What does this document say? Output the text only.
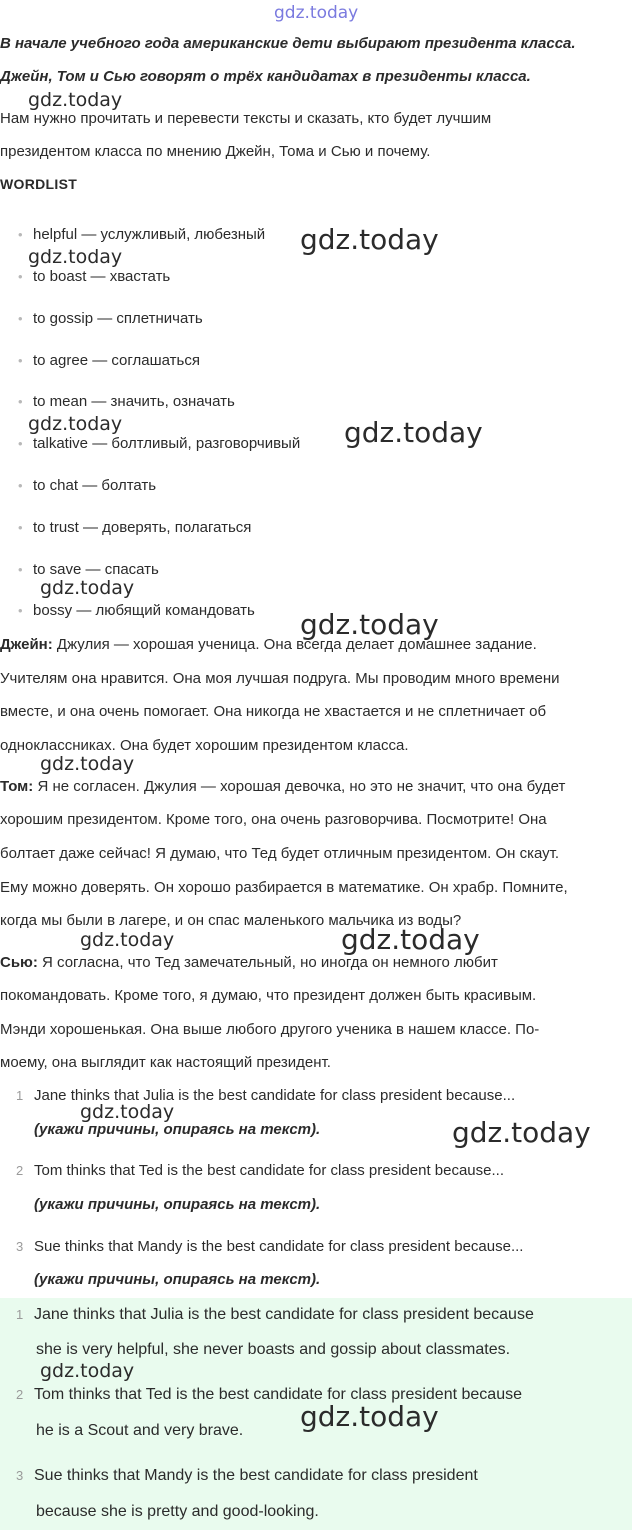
gdz.today
В начале учебного года американские дети выбирают президента класса.
Джейн, Том и Сью говорят о трёх кандидатах в президенты класса.
Нам нужно прочитать и перевести тексты и сказать, кто будет лучшим
президентом класса по мнению Джейн, Тома и Сью и почему.
WORDLIST
• helpful — услужливый, любезный
• to boast — хвастать
• to gossip — сплетничать
• to agree — соглашаться
• to mean — значить, означать
• talkative — болтливый, разговорчивый
• to chat — болтать
• to trust — доверять, полагаться
• to save — спасать
• bossy — любящий командовать
Джейн: Джулия — хорошая ученица. Она всегда делает домашнее задание.
Учителям она нравится. Она моя лучшая подруга. Мы проводим много времени
вместе, и она очень помогает. Она никогда не хвастается и не сплетничает об
одноклассниках. Она будет хорошим президентом класса.
Том: Я не согласен. Джулия — хорошая девочка, но это не значит, что она будет
хорошим президентом. Кроме того, она очень разговорчива. Посмотрите! Она
болтает даже сейчас! Я думаю, что Тед будет отличным президентом. Он скаут.
Ему можно доверять. Он хорошо разбирается в математике. Он храбр. Помните,
когда мы были в лагере, и он спас маленького мальчика из воды?
Сью: Я согласна, что Тед замечательный, но иногда он немного любит
покомандовать. Кроме того, я думаю, что президент должен быть красивым.
Мэнди хорошенькая. Она выше любого другого ученика в нашем классе. По-
моему, она выглядит как настоящий президент.
1 Jane thinks that Julia is the best candidate for class president because...
(укажи причины, опираясь на текст).
2 Tom thinks that Ted is the best candidate for class president because...
(укажи причины, опираясь на текст).
3 Sue thinks that Mandy is the best candidate for class president because...
(укажи причины, опираясь на текст).
1 Jane thinks that Julia is the best candidate for class president because
she is very helpful, she never boasts and gossip about classmates.
2 Tom thinks that Ted is the best candidate for class president because
he is a Scout and very brave.
3 Sue thinks that Mandy is the best candidate for class president
because she is pretty and good-looking.
gdz.today
gdz.today
gdz.today
gdz.today	gdz.today
gdz.today
gdz.today
gdz.today
gdz.today	gdz.today
gdz.today
gdz.today
gdz.today
gdz.today
